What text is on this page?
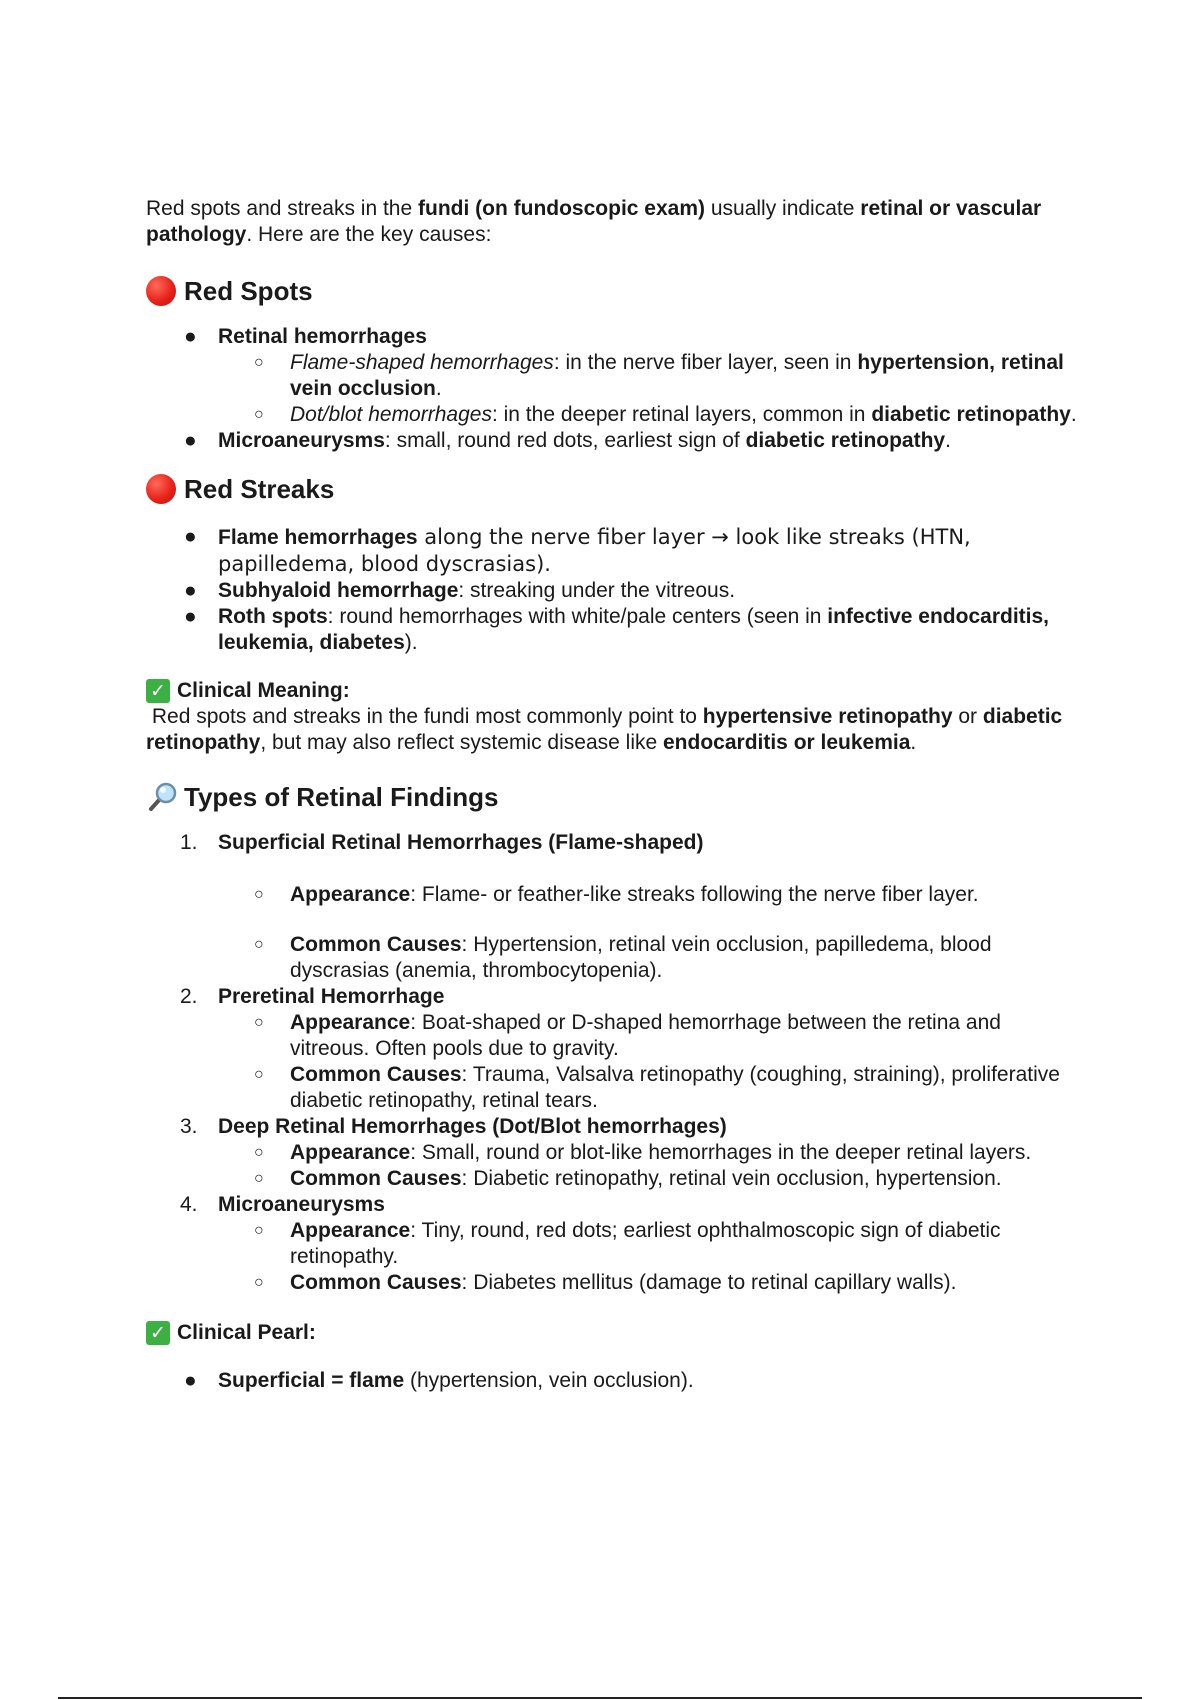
Red spots and streaks in the fundi (on fundoscopic exam) usually indicate retinal or vascular pathology. Here are the key causes:

Red Spots
● Retinal hemorrhages
○ Flame-shaped hemorrhages: in the nerve fiber layer, seen in hypertension, retinal vein occlusion.
○ Dot/blot hemorrhages: in the deeper retinal layers, common in diabetic retinopathy.
● Microaneurysms: small, round red dots, earliest sign of diabetic retinopathy.
Red Streaks
● Flame hemorrhages along the nerve fiber layer → look like streaks (HTN, papilledema, blood dyscrasias).
● Subhyaloid hemorrhage: streaking under the vitreous.
● Roth spots: round hemorrhages with white/pale centers (seen in infective endocarditis, leukemia, diabetes).
✓ Clinical Meaning:

Red spots and streaks in the fundi most commonly point to hypertensive retinopathy or diabetic retinopathy, but may also reflect systemic disease like endocarditis or leukemia.

Types of Retinal Findings
1. Superficial Retinal Hemorrhages (Flame-shaped)
○ Appearance: Flame- or feather-like streaks following the nerve fiber layer.
○ Common Causes: Hypertension, retinal vein occlusion, papilledema, blood dyscrasias (anemia, thrombocytopenia).
2. Preretinal Hemorrhage
○ Appearance: Boat-shaped or D-shaped hemorrhage between the retina and vitreous. Often pools due to gravity.
○ Common Causes: Trauma, Valsalva retinopathy (coughing, straining), proliferative diabetic retinopathy, retinal tears.
3. Deep Retinal Hemorrhages (Dot/Blot hemorrhages)
○ Appearance: Small, round or blot-like hemorrhages in the deeper retinal layers.
○ Common Causes: Diabetic retinopathy, retinal vein occlusion, hypertension.
4. Microaneurysms
○ Appearance: Tiny, round, red dots; earliest ophthalmoscopic sign of diabetic retinopathy.
○ Common Causes: Diabetes mellitus (damage to retinal capillary walls).
✓ Clinical Pearl:
● Superficial = flame (hypertension, vein occlusion).
